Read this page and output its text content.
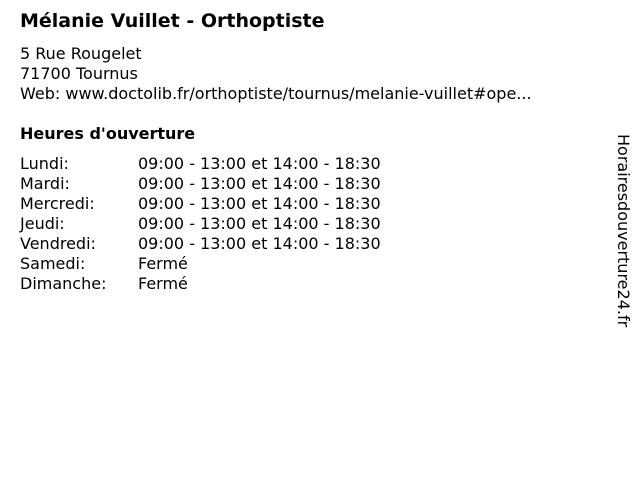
Mélanie Vuillet - Orthoptiste
5 Rue Rougelet
71700 Tournus
Web: www.doctolib.fr/orthoptiste/tournus/melanie-vuillet#ope...
Heures d'ouverture
Lundi:	09:00 - 13:00 et 14:00 - 18:30
Mardi:	09:00 - 13:00 et 14:00 - 18:30
Mercredi:	09:00 - 13:00 et 14:00 - 18:30
Jeudi:	09:00 - 13:00 et 14:00 - 18:30
Vendredi:	09:00 - 13:00 et 14:00 - 18:30
Samedi:	Fermé
Dimanche:	Fermé	Horairesdouverture24.fr
